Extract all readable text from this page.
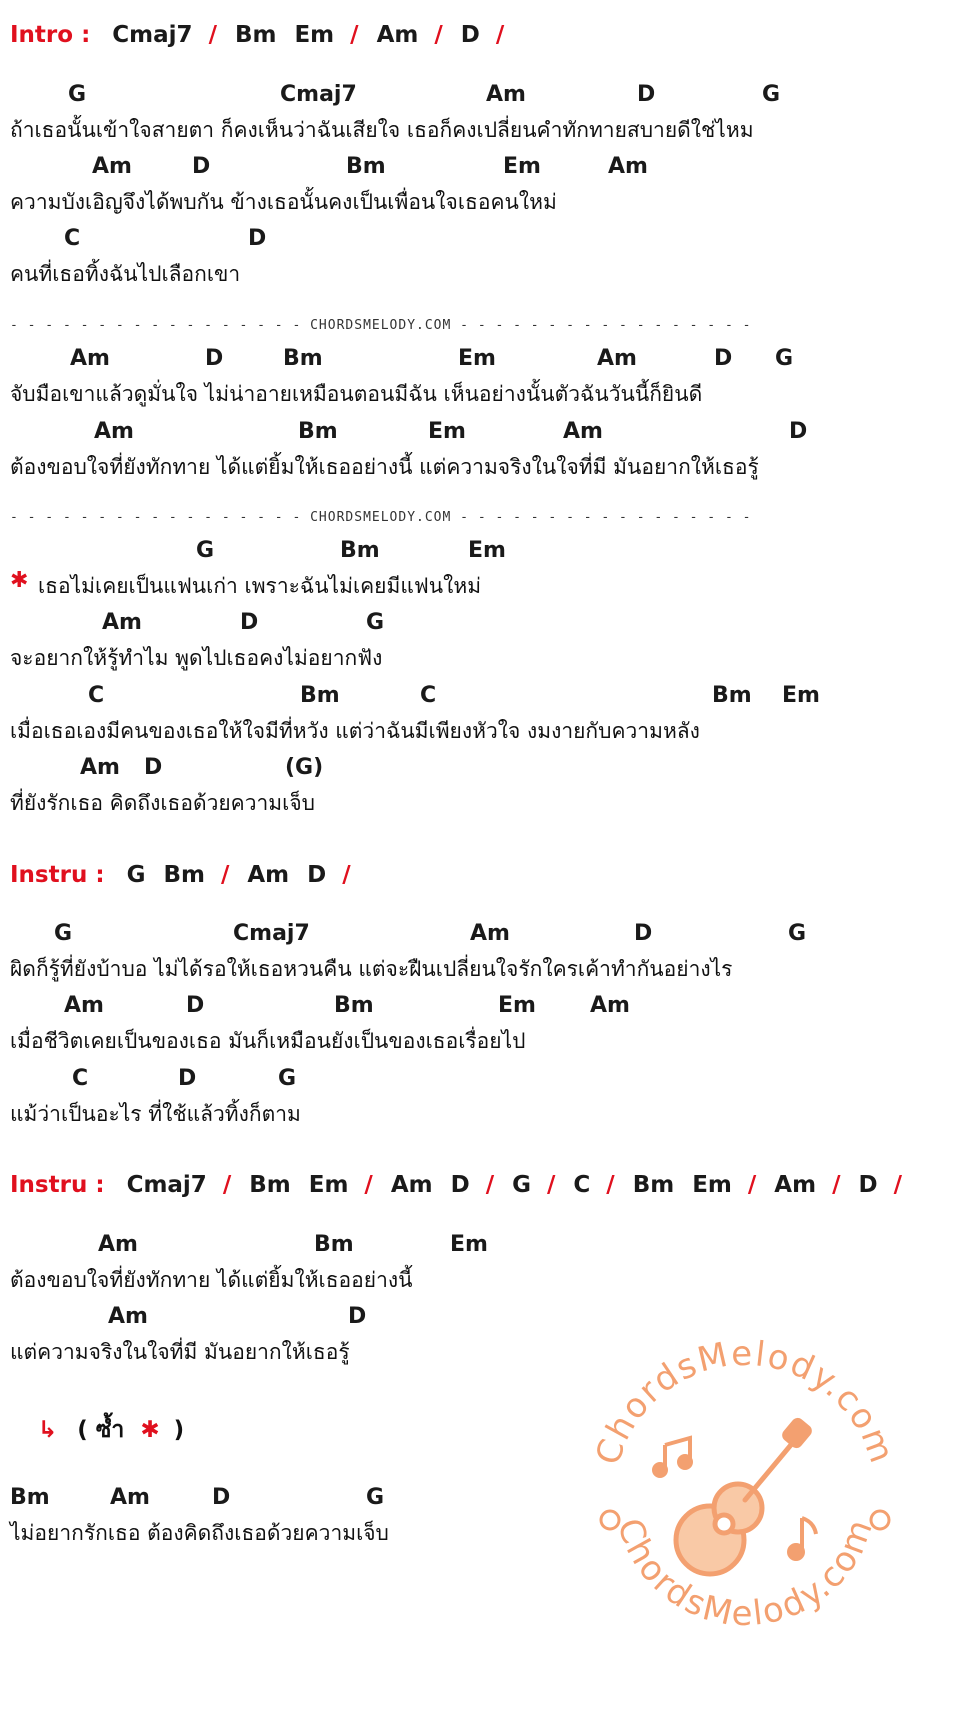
Intro : Cmaj7 / Bm Em / Am / D /
G	Cmaj7	Am	D	G
ถ้าเธอนั้นเข้าใจสายตา ก็คงเห็นว่าฉันเสียใจ เธอก็คงเปลี่ยนคำทักทายสบายดีใช่ไหม
Am	D	Bm	Em	Am
ความบังเอิญจึงได้พบกัน ข้างเธอนั้นคงเป็นเพื่อนใจเธอคนใหม่
C	D
คนที่เธอทิ้งฉันไปเลือกเขา
- - - - - - - - - - - - - - - - - CHORDSMELODY.COM - - - - - - - - - - - - - - - - -
Am	D	Bm	Em	Am	D G
จับมือเขาแล้วดูมั่นใจ ไม่น่าอายเหมือนตอนมีฉัน เห็นอย่างนั้นตัวฉันวันนี้ก็ยินดี
Am	Bm	Em	Am	D
ต้องขอบใจที่ยังทักทาย ได้แต่ยิ้มให้เธออย่างนี้ แต่ความจริงในใจที่มี มันอยากให้เธอรู้
- - - - - - - - - - - - - - - - - CHORDSMELODY.COM - - - - - - - - - - - - - - - - -
G	Bm	Em
✱ เธอไม่เคยเป็นแฟนเก่า เพราะฉันไม่เคยมีแฟนใหม่
Am	D	G
จะอยากให้รู้ทำไม พูดไปเธอคงไม่อยากฟัง
C	Bm	C	Bm Em
เมื่อเธอเองมีคนของเธอให้ใจมีที่หวัง แต่ว่าฉันมีเพียงหัวใจ งมงายกับความหลัง
Am D	(G)
ที่ยังรักเธอ คิดถึงเธอด้วยความเจ็บ
Instru : G Bm / Am D /
G	Cmaj7	Am	D	G
ผิดก็รู้ที่ยังบ้าบอ ไม่ได้รอให้เธอหวนคืน แต่จะฝืนเปลี่ยนใจรักใครเค้าทำกันอย่างไร
Am	D	Bm	Em Am
เมื่อชีวิตเคยเป็นของเธอ มันก็เหมือนยังเป็นของเธอเรื่อยไป
C	D	G
แม้ว่าเป็นอะไร ที่ใช้แล้วทิ้งก็ตาม
Instru : Cmaj7 / Bm Em / Am D / G / C / Bm Em / Am / D /
Am	Bm	Em
ต้องขอบใจที่ยังทักทาย ได้แต่ยิ้มให้เธออย่างนี้
Am	D
แต่ความจริงในใจที่มี มันอยากให้เธอรู้
↳ ( ซ้ำ ✱ )
Bm	Am	D	G
ไม่อยากรักเธอ ต้องคิดถึงเธอด้วยความเจ็บ
ChordsMelody.com
ChordsMelody.com
